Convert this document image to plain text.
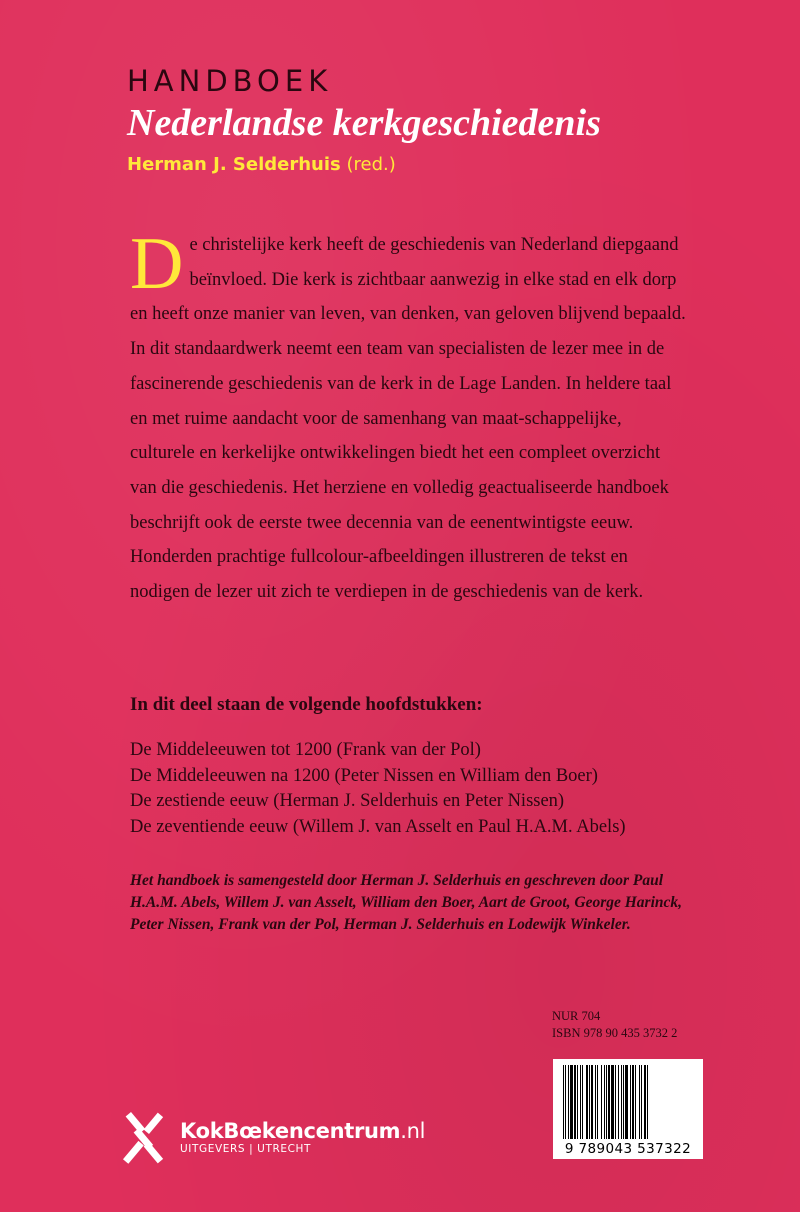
HANDBOEK
Nederlandse kerkgeschiedenis
Herman J. Selderhuis (red.)

De christelijke kerk heeft de geschiedenis van Nederland diepgaand beïnvloed. Die kerk is zichtbaar aanwezig in elke stad en elk dorp en heeft onze manier van leven, van denken, van geloven blijvend bepaald.

In dit standaardwerk neemt een team van specialisten de lezer mee in de fascinerende geschiedenis van de kerk in de Lage Landen. In heldere taal en met ruime aandacht voor de samenhang van maat-schappelijke, culturele en kerkelijke ontwikkelingen biedt het een compleet overzicht van die geschiedenis. Het herziene en volledig geactualiseerde handboek beschrijft ook de eerste twee decennia van de eenentwintigste eeuw. Honderden prachtige fullcolour-afbeeldingen illustreren de tekst en nodigen de lezer uit zich te verdiepen in de geschiedenis van de kerk.

In dit deel staan de volgende hoofdstukken:
De Middeleeuwen tot 1200 (Frank van der Pol)
De Middeleeuwen na 1200 (Peter Nissen en William den Boer)
De zestiende eeuw (Herman J. Selderhuis en Peter Nissen)
De zeventiende eeuw (Willem J. van Asselt en Paul H.A.M. Abels)
Het handboek is samengesteld door Herman J. Selderhuis en geschreven door Paul H.A.M. Abels, Willem J. van Asselt, William den Boer, Aart de Groot, George Harinck, Peter Nissen, Frank van der Pol, Herman J. Selderhuis en Lodewijk Winkeler.
NUR 704
ISBN 978 90 435 3732 2
9 789043 537322
KokBœkencentrum.nl
UITGEVERS | UTRECHT
